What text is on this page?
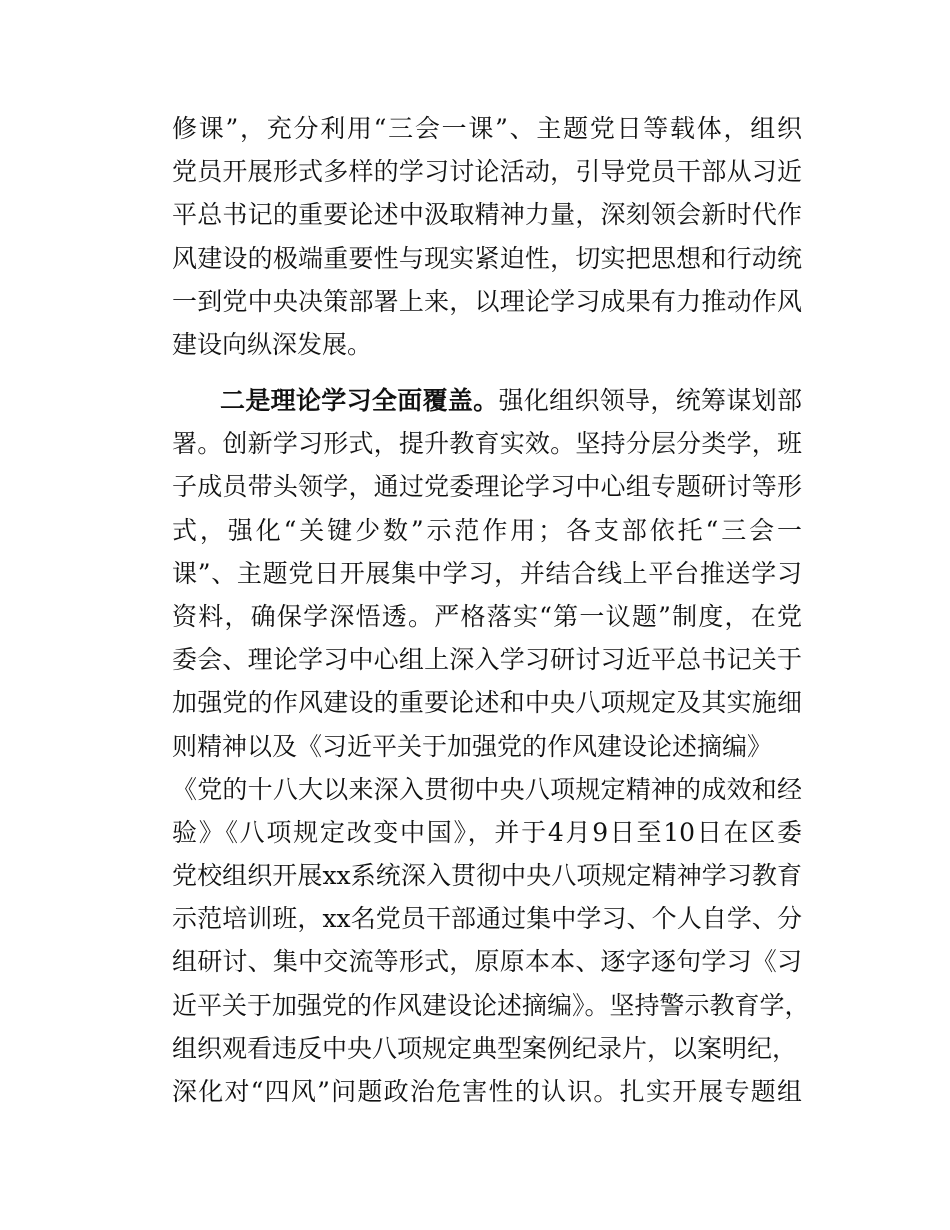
修课”，充分利用“三会一课”、主题党日等载体，组织
党员开展形式多样的学习讨论活动，引导党员干部从习近
平总书记的重要论述中汲取精神力量，深刻领会新时代作
风建设的极端重要性与现实紧迫性，切实把思想和行动统
一到党中央决策部署上来，以理论学习成果有力推动作风
建设向纵深发展。
二是理论学习全面覆盖。强化组织领导，统筹谋划部
署。创新学习形式，提升教育实效。坚持分层分类学，班
子成员带头领学，通过党委理论学习中心组专题研讨等形
式，强化“关键少数”示范作用；各支部依托“三会一
课”、主题党日开展集中学习，并结合线上平台推送学习
资料，确保学深悟透。严格落实“第一议题”制度，在党
委会、理论学习中心组上深入学习研讨习近平总书记关于
加强党的作风建设的重要论述和中央八项规定及其实施细
则精神以及《习近平关于加强党的作风建设论述摘编》
《党的十八大以来深入贯彻中央八项规定精神的成效和经
验》《八项规定改变中国》，并于4月9日至10日在区委
党校组织开展xx系统深入贯彻中央八项规定精神学习教育
示范培训班，xx名党员干部通过集中学习、个人自学、分
组研讨、集中交流等形式，原原本本、逐字逐句学习《习
近平关于加强党的作风建设论述摘编》。坚持警示教育学，
组织观看违反中央八项规定典型案例纪录片，以案明纪，
深化对“四风”问题政治危害性的认识。扎实开展专题组
